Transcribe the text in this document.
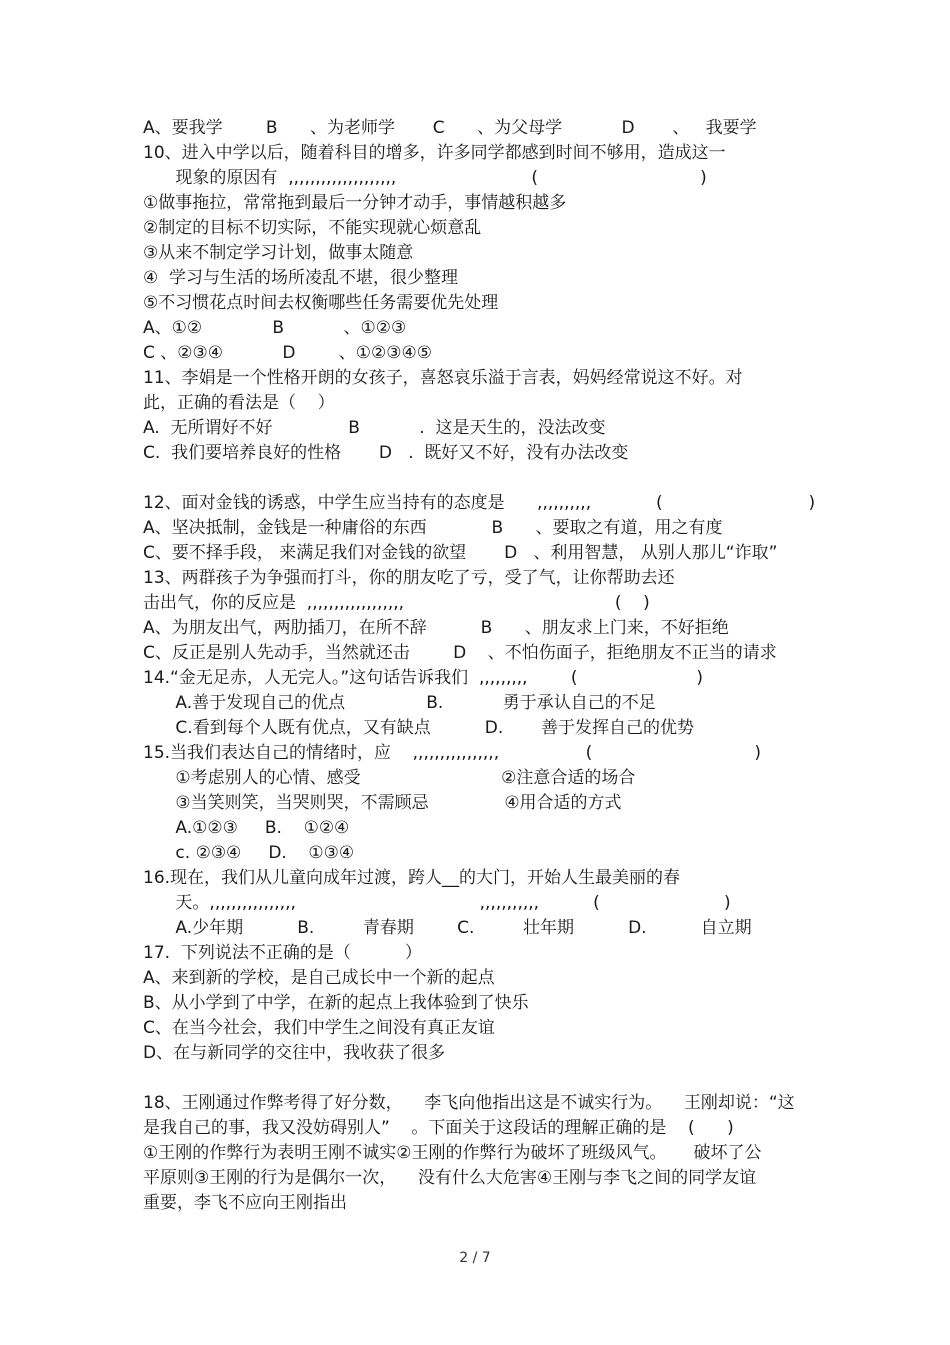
A、要我学        B      、为老师学       C      、为父母学           D       、   我要学
10、进入中学以后，随着科目的增多，许多同学都感到时间不够用，造成这一
现象的原因有  ,,,,,,,,,,,,,,,,,,,,                         (                              )
①做事拖拉，常常拖到最后一分钟才动手，事情越积越多
②制定的目标不切实际，不能实现就心烦意乱
③从来不制定学习计划，做事太随意
④  学习与生活的场所凌乱不堪，很少整理
⑤不习惯花点时间去权衡哪些任务需要优先处理
A、①②             B           、①②③
C 、②③④           D        、①②③④⑤
11、李娟是一个性格开朗的女孩子，喜怒哀乐溢于言表，妈妈经常说这不好。对
此，正确的看法是（    ）
A.  无所谓好不好              B           .  这是天生的，没法改变
C.  我们要培养良好的性格       D   .  既好又不好，没有办法改变
12、面对金钱的诱惑，中学生应当持有的态度是      ,,,,,,,,,,            (                           )
A、坚决抵制，金钱是一种庸俗的东西            B      、要取之有道，用之有度
C、要不择手段， 来满足我们对金钱的欲望       D   、利用智慧， 从别人那儿“诈取”
13、两群孩子为争强而打斗，你的朋友吃了亏，受了气，让你帮助去还
击出气，你的反应是  ,,,,,,,,,,,,,,,,,,                                       (    )
A、为朋友出气，两肋插刀，在所不辞          B      、朋友求上门来，不好拒绝
C、反正是别人先动手，当然就还击        D    、不怕伤面子，拒绝朋友不正当的请求
14.“金无足赤，人无完人。”这句话告诉我们  ,,,,,,,,,        (                      )
A.善于发现自己的优点               B.           勇于承认自己的不足
C.看到每个人既有优点，又有缺点          D.       善于发挥自己的优势
15.当我们表达自己的情绪时，应    ,,,,,,,,,,,,,,,,                (                              )
①考虑别人的心情、感受                          ②注意合适的场合
③当笑则笑，当哭则哭，不需顾忌              ④用合适的方式
A.①②③     B.    ①②④
c. ②③④     D.    ①③④
16.现在，我们从儿童向成年过渡，跨人__的大门，开始人生最美丽的春
天。,,,,,,,,,,,,,,,,                                  ,,,,,,,,,,,          (                       )
A.少年期          B.         青春期        C.         壮年期          D.          自立期
17.  下列说法不正确的是（          ）
A、来到新的学校，是自己成长中一个新的起点
B、从小学到了中学，在新的起点上我体验到了快乐
C、在当今社会，我们中学生之间没有真正友谊
D、在与新同学的交往中，我收获了很多
18、王刚通过作弊考得了好分数，    李飞向他指出这是不诚实行为。    王刚却说：“这
是我自己的事，我又没妨碍别人”    。下面关于这段话的理解正确的是    (      )
①王刚的作弊行为表明王刚不诚实②王刚的作弊行为破坏了班级风气。     破坏了公
平原则③王刚的行为是偶尔一次，    没有什么大危害④王刚与李飞之间的同学友谊
重要，李飞不应向王刚指出
2 / 7
